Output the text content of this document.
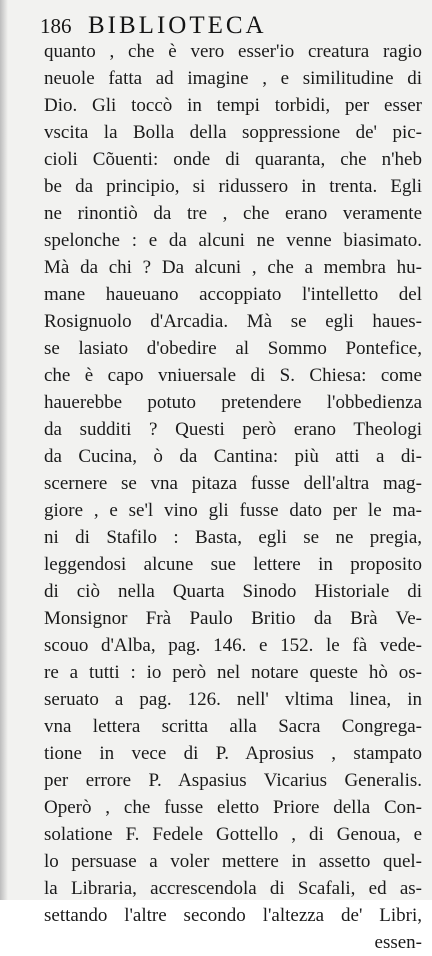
186 BIBLIOTECA
quanto , che è vero esser'io creatura ragio
neuole fatta ad imagine , e similitudine di
Dio. Gli toccò in tempi torbidi, per esser
vscita la Bolla della soppressione de' pic-
cioli Cõuenti: onde di quaranta, che n'heb
be da principio, si ridussero in trenta. Egli
ne rinontiò da tre , che erano veramente
spelonche : e da alcuni ne venne biasimato.
Mà da chi ? Da alcuni , che a membra hu-
mane haueuano accoppiato l'intelletto del
Rosignuolo d'Arcadia. Mà se egli haues-
se lasiato d'obedire al Sommo Pontefice,
che è capo vniuersale di S. Chiesa: come
hauerebbe potuto pretendere l'obbedienza
da sudditi ? Questi però erano Theologi
da Cucina, ò da Cantina: più atti a di-
scernere se vna pitaza fusse dell'altra mag-
giore , e se'l vino gli fusse dato per le ma-
ni di Stafilo : Basta, egli se ne pregia,
leggendosi alcune sue lettere in proposito
di ciò nella Quarta Sinodo Historiale di
Monsignor Frà Paulo Britio da Brà Ve-
scouo d'Alba, pag. 146. e 152. le fà vede-
re a tutti : io però nel notare queste hò os-
seruato a pag. 126. nell' vltima linea, in
vna lettera scritta alla Sacra Congrega-
tione in vece di P. Aprosius , stampato
per errore P. Aspasius Vicarius Generalis.
Operò , che fusse eletto Priore della Con-
solatione F. Fedele Gottello , di Genoua, e
lo persuase a voler mettere in assetto quel-
la Libraria, accrescendola di Scafali, ed as-
settando l'altre secondo l'altezza de' Libri,
essen-
